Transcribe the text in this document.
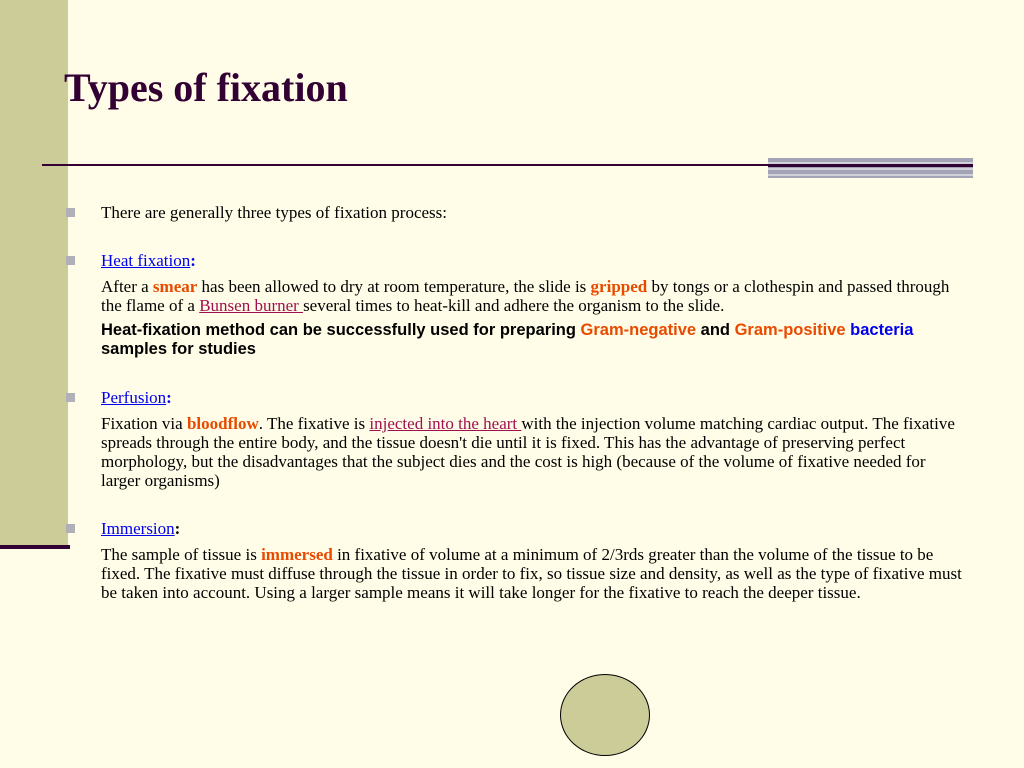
Types of fixation
There are generally three types of fixation process:
Heat fixation:
After a smear has been allowed to dry at room temperature, the slide is gripped by tongs or a clothespin and passed through the flame of a Bunsen burner several times to heat-kill and adhere the organism to the slide.
Heat-fixation method can be successfully used for preparing Gram-negative and Gram-positive bacteria samples for studies
Perfusion:
Fixation via bloodflow. The fixative is injected into the heart with the injection volume matching cardiac output. The fixative spreads through the entire body, and the tissue doesn't die until it is fixed. This has the advantage of preserving perfect morphology, but the disadvantages that the subject dies and the cost is high (because of the volume of fixative needed for larger organisms)
Immersion:
The sample of tissue is immersed in fixative of volume at a minimum of 2/3rds greater than the volume of the tissue to be fixed. The fixative must diffuse through the tissue in order to fix, so tissue size and density, as well as the type of fixative must be taken into account. Using a larger sample means it will take longer for the fixative to reach the deeper tissue.
